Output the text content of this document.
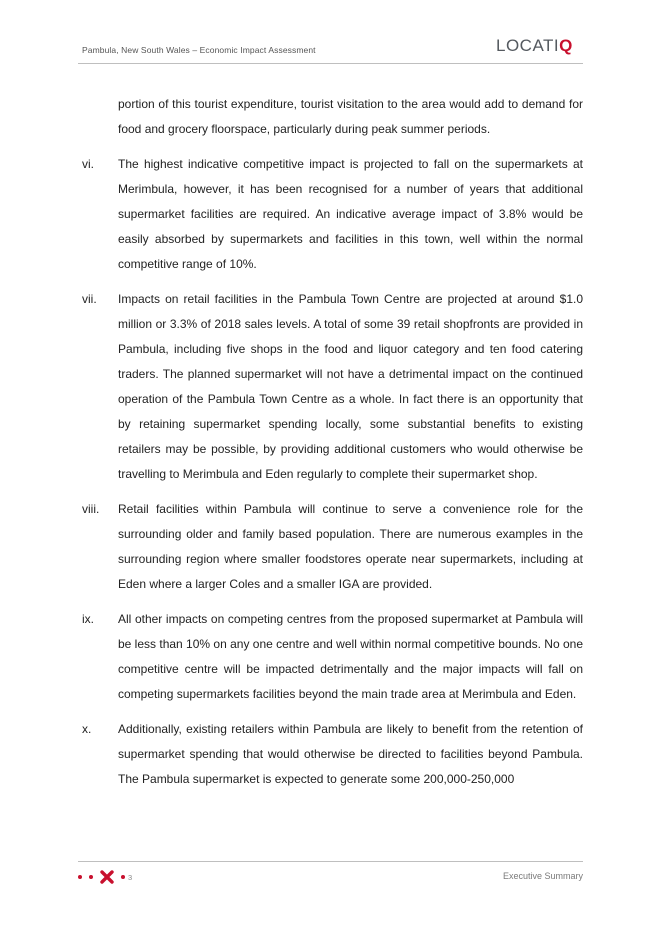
Pambula, New South Wales – Economic Impact Assessment	LOCATI Q

portion of this tourist expenditure, tourist visitation to the area would add to demand for food and grocery floorspace, particularly during peak summer periods.

vi. The highest indicative competitive impact is projected to fall on the supermarkets at Merimbula, however, it has been recognised for a number of years that additional supermarket facilities are required. An indicative average impact of 3.8% would be easily absorbed by supermarkets and facilities in this town, well within the normal competitive range of 10%.

vii. Impacts on retail facilities in the Pambula Town Centre are projected at around $1.0 million or 3.3% of 2018 sales levels. A total of some 39 retail shopfronts are provided in Pambula, including five shops in the food and liquor category and ten food catering traders. The planned supermarket will not have a detrimental impact on the continued operation of the Pambula Town Centre as a whole. In fact there is an opportunity that by retaining supermarket spending locally, some substantial benefits to existing retailers may be possible, by providing additional customers who would otherwise be travelling to Merimbula and Eden regularly to complete their supermarket shop.

viii. Retail facilities within Pambula will continue to serve a convenience role for the surrounding older and family based population. There are numerous examples in the surrounding region where smaller foodstores operate near supermarkets, including at Eden where a larger Coles and a smaller IGA are provided.

ix. All other impacts on competing centres from the proposed supermarket at Pambula will be less than 10% on any one centre and well within normal competitive bounds. No one competitive centre will be impacted detrimentally and the major impacts will fall on competing supermarkets facilities beyond the main trade area at Merimbula and Eden.

x. Additionally, existing retailers within Pambula are likely to benefit from the retention of supermarket spending that would otherwise be directed to facilities beyond Pambula. The Pambula supermarket is expected to generate some 200,000-250,000

3	Executive Summary
